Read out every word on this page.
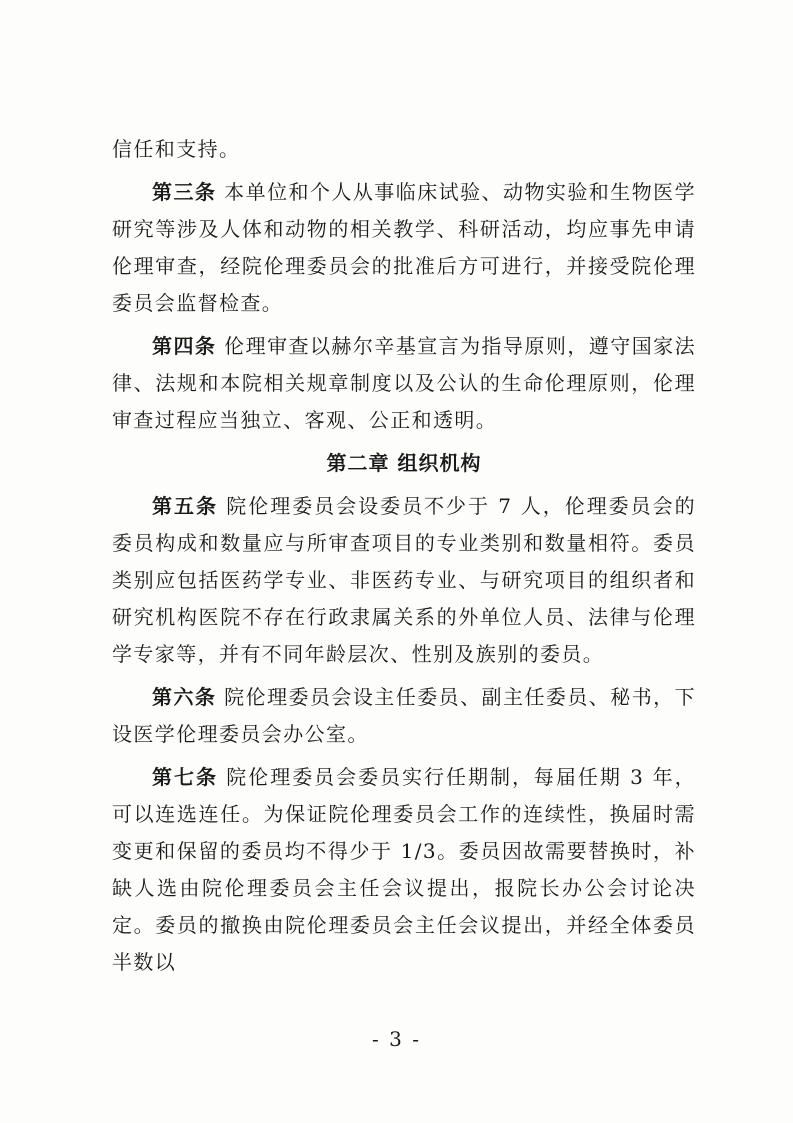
信任和支持。

第三条 本单位和个人从事临床试验、动物实验和生物医学研究等涉及人体和动物的相关教学、科研活动，均应事先申请伦理审查，经院伦理委员会的批准后方可进行，并接受院伦理委员会监督检查。

第四条 伦理审查以赫尔辛基宣言为指导原则，遵守国家法律、法规和本院相关规章制度以及公认的生命伦理原则，伦理审查过程应当独立、客观、公正和透明。

第二章 组织机构

第五条 院伦理委员会设委员不少于 7 人，伦理委员会的委员构成和数量应与所审查项目的专业类别和数量相符。委员类别应包括医药学专业、非医药专业、与研究项目的组织者和研究机构医院不存在行政隶属关系的外单位人员、法律与伦理学专家等，并有不同年龄层次、性别及族别的委员。

第六条 院伦理委员会设主任委员、副主任委员、秘书，下设医学伦理委员会办公室。

第七条 院伦理委员会委员实行任期制，每届任期 3 年，可以连选连任。为保证院伦理委员会工作的连续性，换届时需变更和保留的委员均不得少于 1/3。委员因故需要替换时，补缺人选由院伦理委员会主任会议提出，报院长办公会讨论决定。委员的撤换由院伦理委员会主任会议提出，并经全体委员半数以

- 3 -
